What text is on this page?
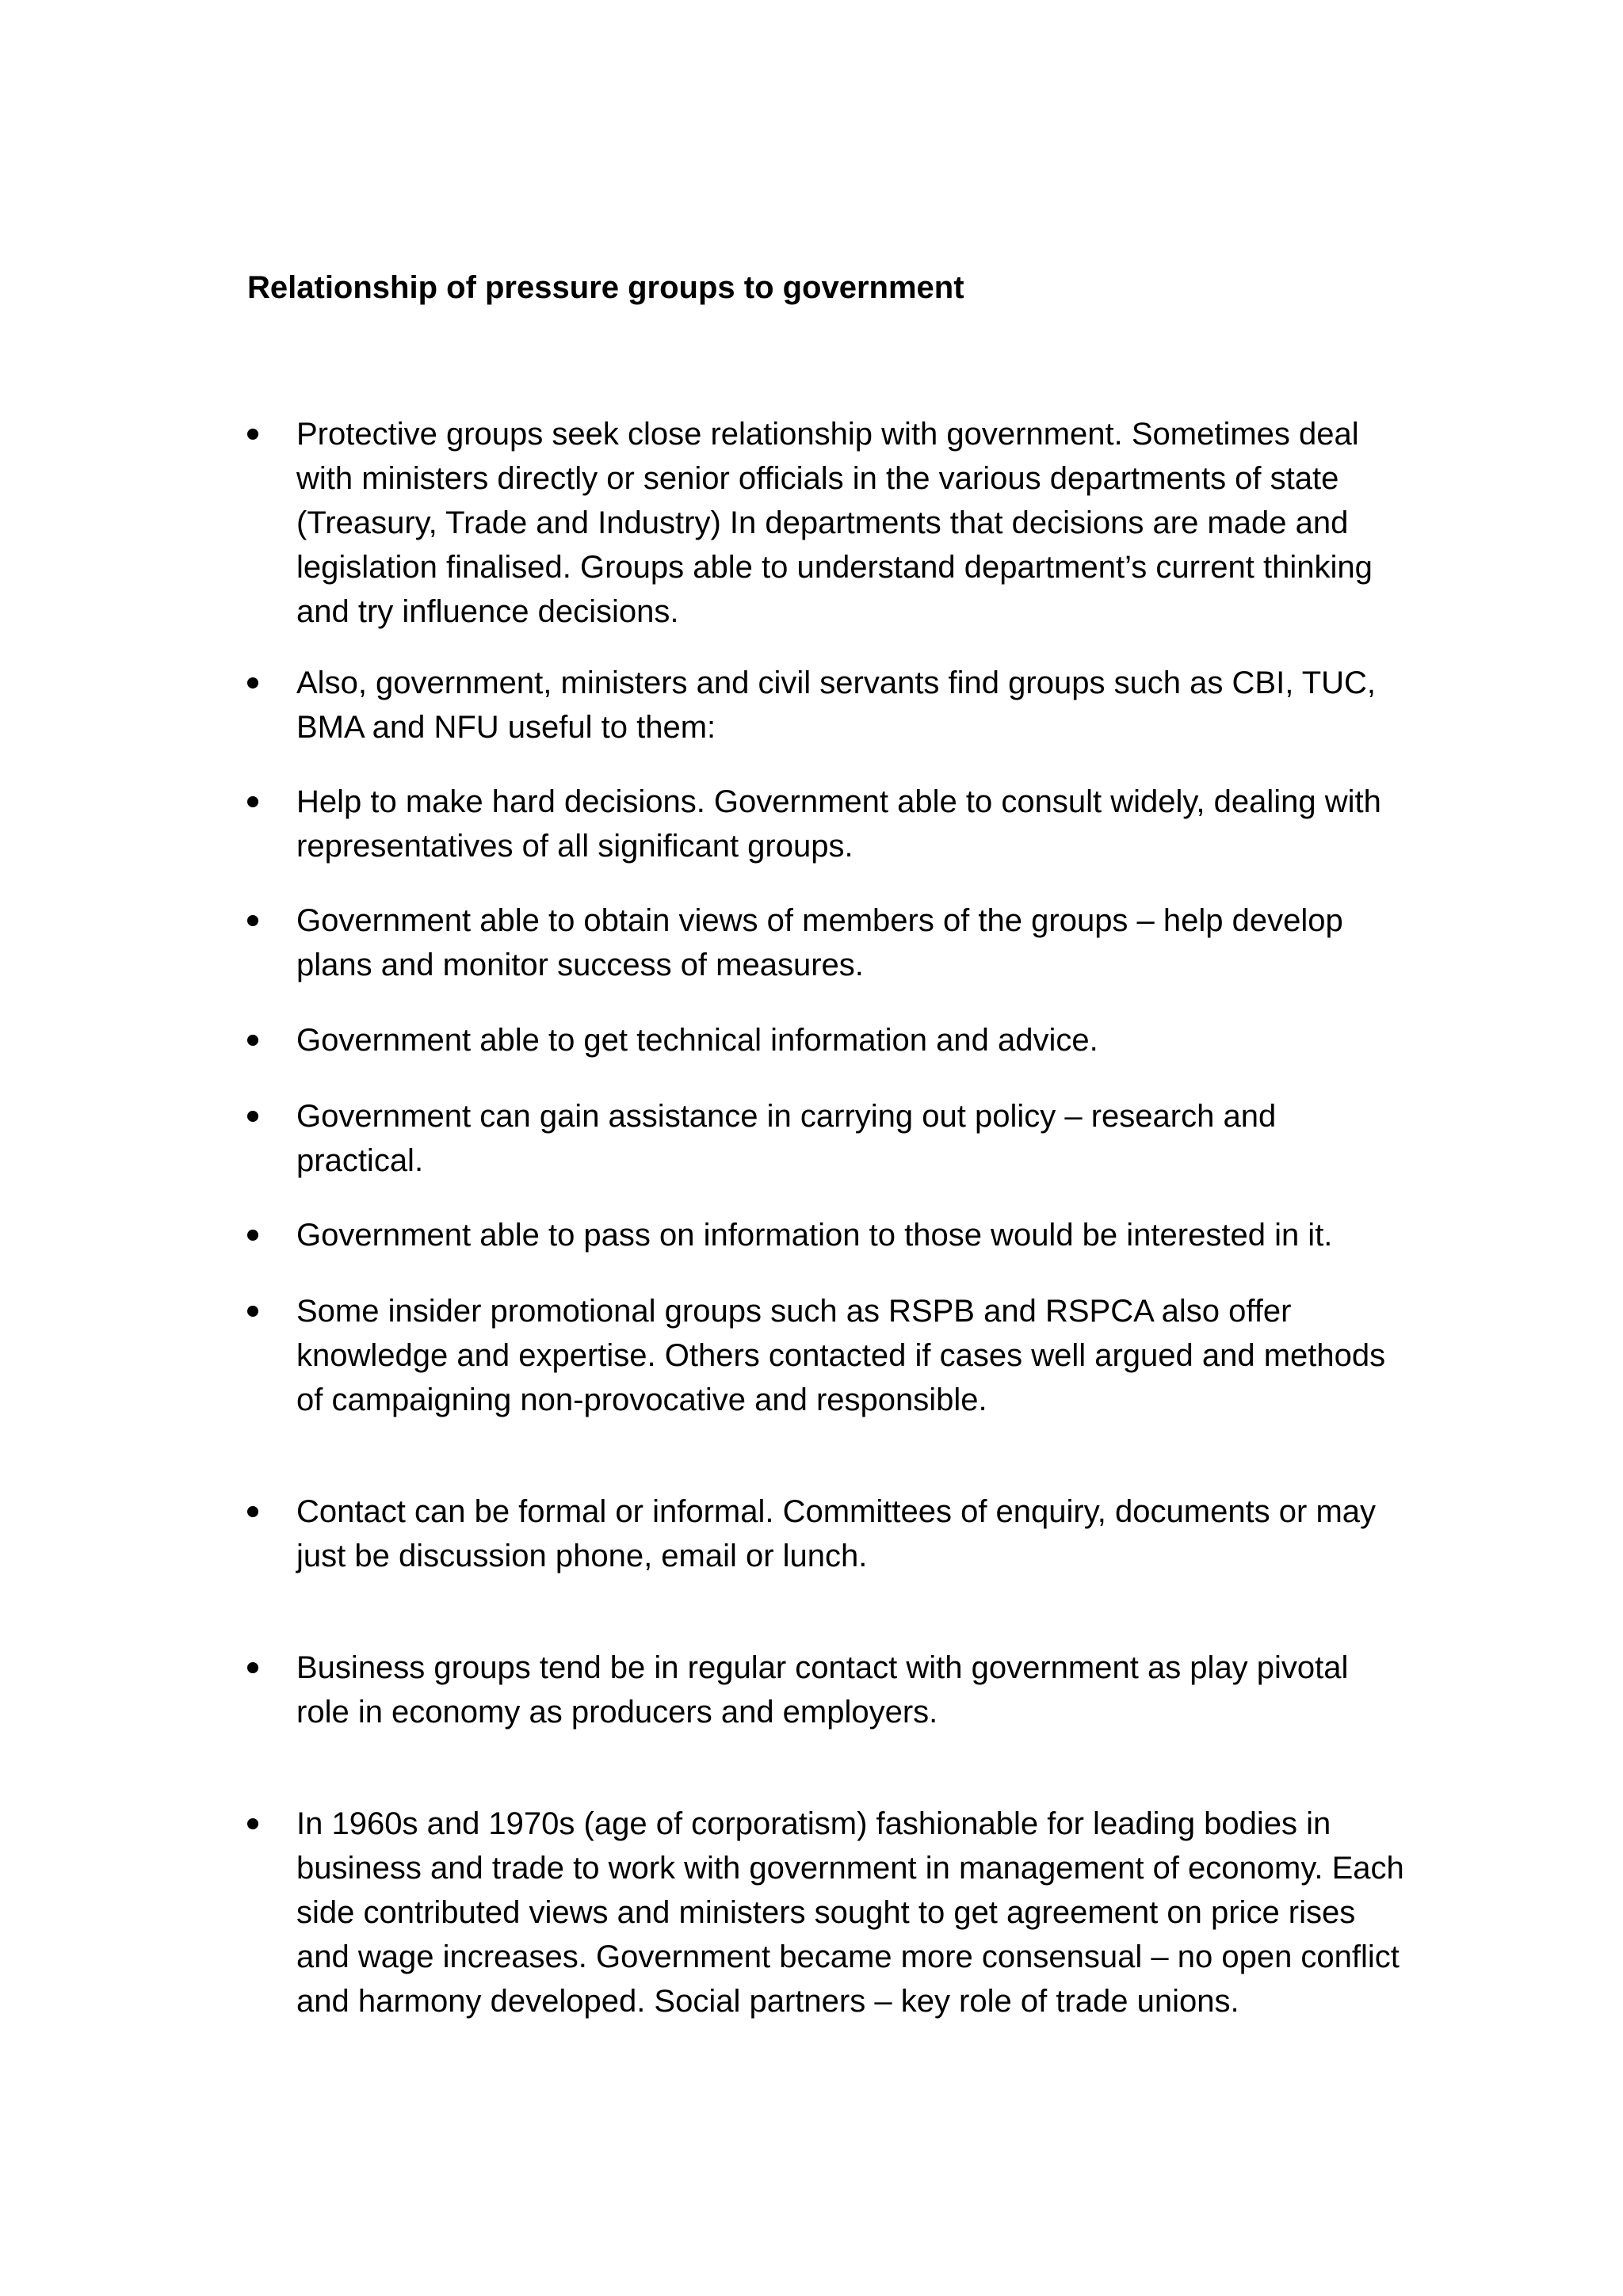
Relationship of pressure groups to government

Protective groups seek close relationship with government. Sometimes deal with ministers directly or senior officials in the various departments of state (Treasury, Trade and Industry) In departments that decisions are made and legislation finalised. Groups able to understand department’s current thinking and try influence decisions.

Also, government, ministers and civil servants find groups such as CBI, TUC, BMA and NFU useful to them:

Help to make hard decisions. Government able to consult widely, dealing with representatives of all significant groups.

Government able to obtain views of members of the groups – help develop plans and monitor success of measures.

Government able to get technical information and advice.

Government can gain assistance in carrying out policy – research and practical.

Government able to pass on information to those would be interested in it.

Some insider promotional groups such as RSPB and RSPCA also offer knowledge and expertise. Others contacted if cases well argued and methods of campaigning non-provocative and responsible.

Contact can be formal or informal. Committees of enquiry, documents or may just be discussion phone, email or lunch.

Business groups tend be in regular contact with government as play pivotal role in economy as producers and employers.

In 1960s and 1970s (age of corporatism) fashionable for leading bodies in business and trade to work with government in management of economy. Each side contributed views and ministers sought to get agreement on price rises and wage increases. Government became more consensual – no open conflict and harmony developed. Social partners – key role of trade unions.
